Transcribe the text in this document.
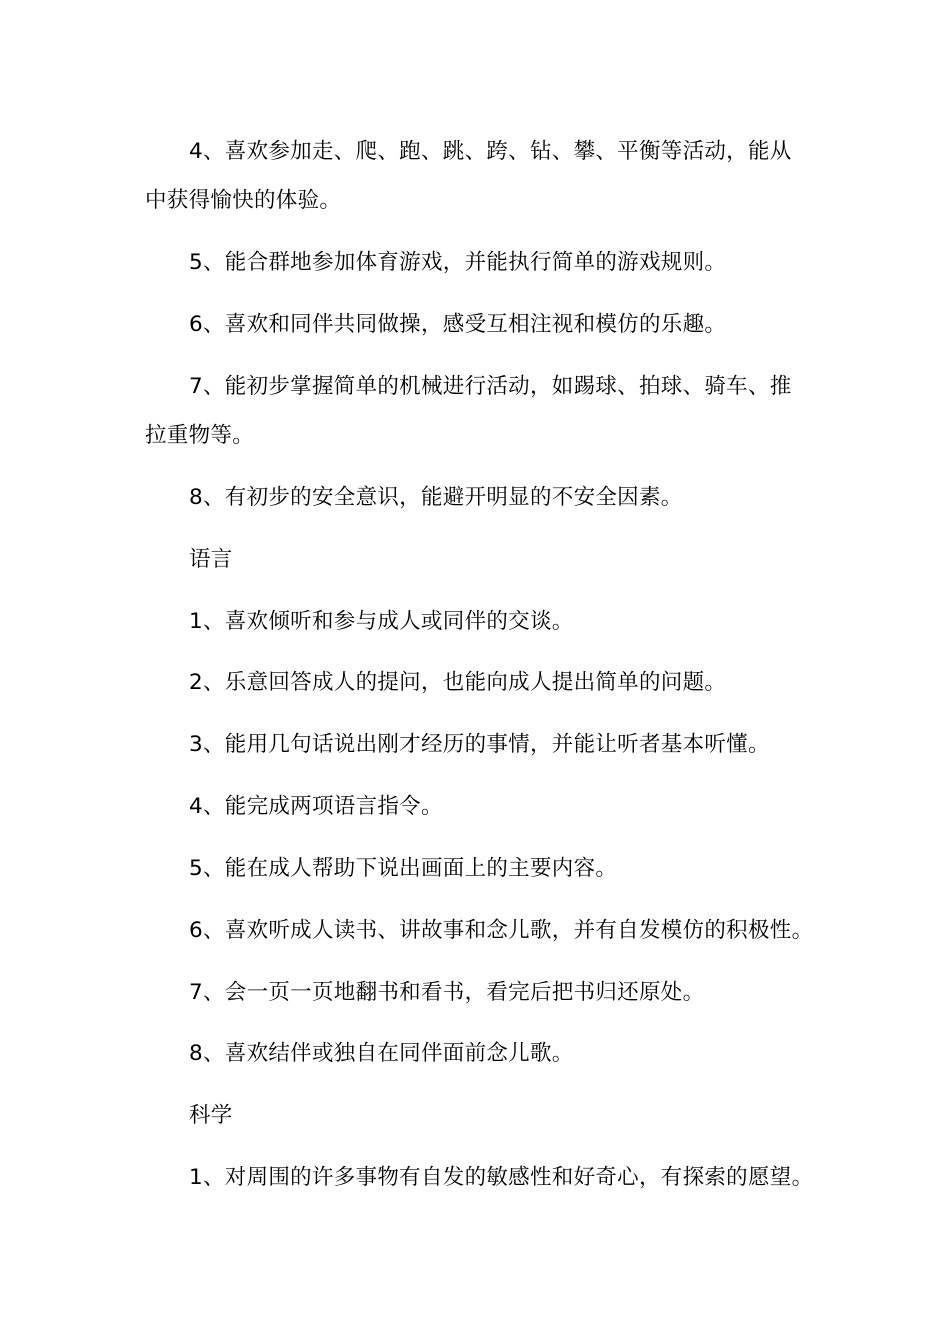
4、喜欢参加走、爬、跑、跳、跨、钻、攀、平衡等活动，能从

中获得愉快的体验。

5、能合群地参加体育游戏，并能执行简单的游戏规则。

6、喜欢和同伴共同做操，感受互相注视和模仿的乐趣。

7、能初步掌握简单的机械进行活动，如踢球、拍球、骑车、推

拉重物等。

8、有初步的安全意识，能避开明显的不安全因素。

语言

1、喜欢倾听和参与成人或同伴的交谈。

2、乐意回答成人的提问，也能向成人提出简单的问题。

3、能用几句话说出刚才经历的事情，并能让听者基本听懂。

4、能完成两项语言指令。

5、能在成人帮助下说出画面上的主要内容。

6、喜欢听成人读书、讲故事和念儿歌，并有自发模仿的积极性。

7、会一页一页地翻书和看书，看完后把书归还原处。

8、喜欢结伴或独自在同伴面前念儿歌。

科学

1、对周围的许多事物有自发的敏感性和好奇心，有探索的愿望。
